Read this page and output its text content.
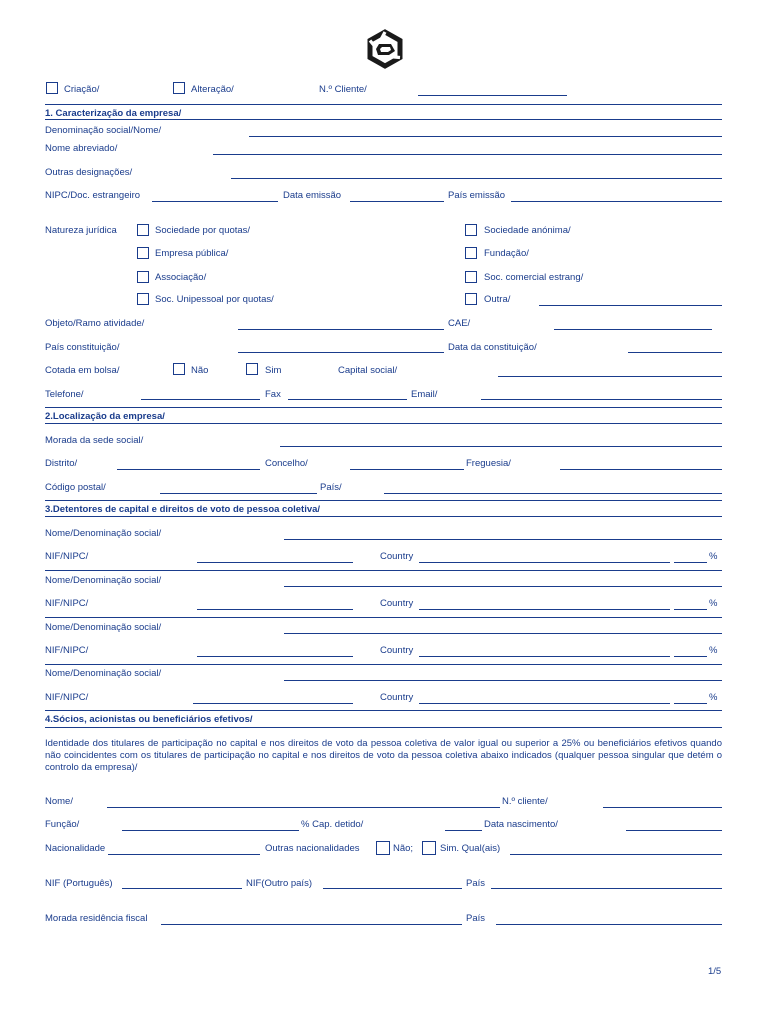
Criação/	Alteração/	N.º Cliente/
1. Caracterização da empresa/
Denominação social/Nome/
Nome abreviado/
Outras designações/
NIPC/Doc. estrangeiro	Data emissão	País emissão
Natureza jurídica	Sociedade por quotas/	Sociedade anónima/
Empresa pública/	Fundação/
Associação/	Soc. comercial estrang/
Soc. Unipessoal por quotas/	Outra/
Objeto/Ramo atividade/	CAE/
País constituição/	Data da constituição/
Cotada em bolsa/	Não	Sim	Capital social/
Telefone/	Fax	Email/
2.Localização da empresa/
Morada da sede social/
Distrito/	Concelho/	Freguesia/
Código postal/	País/
3.Detentores de capital e direitos de voto de pessoa coletiva/
Nome/Denominação social/
NIF/NIPC/	Country	%
Nome/Denominação social/
NIF/NIPC/	Country	%
Nome/Denominação social/
NIF/NIPC/	Country	%
Nome/Denominação social/
NIF/NIPC/	Country	%
4.Sócios, acionistas ou beneficiários efetivos/
Identidade dos titulares de participação no capital e nos direitos de voto da pessoa coletiva de valor igual ou superior a 25% ou beneficiários efetivos quando não coincidentes com os titulares de participação no capital e nos direitos de voto da pessoa coletiva abaixo indicados (qualquer pessoa singular que detém o controlo da empresa)/
Nome/	N.º cliente/
Função/	% Cap. detido/	Data nascimento/
Nacionalidade	Outras nacionalidades	Não;	Sim. Qual(ais)
NIF (Português)	NIF(Outro país)	País
Morada residência fiscal	País
1/5
